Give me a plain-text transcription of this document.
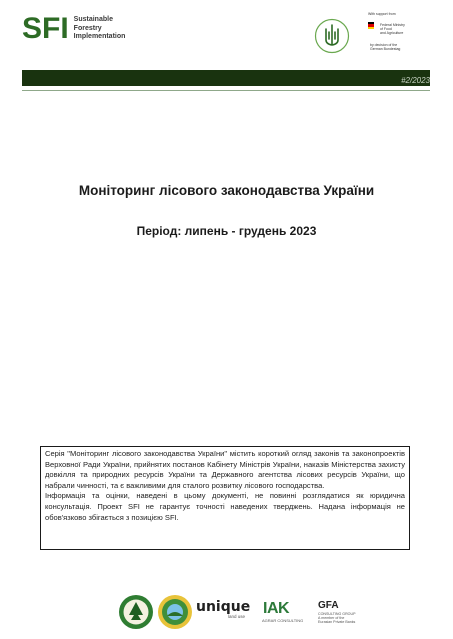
SFI Sustainable
Forestry
Implementation
With support from
Federal Ministry
of Food
and Agriculture
by decision of the
German Bundestag
#2/2023
Моніторинг лісового законодавства України
Період: липень - грудень 2023

Серія "Моніторинг лісового законодавства України" містить короткий огляд законів та законопроектів Верховної Ради України, прийнятих постанов Кабінету Міністрів України, наказів Міністерства захисту довкілля та природних ресурсів України та Державного агентства лісових ресурсів України, що набрали чинності, та є важливими для сталого розвитку лісового господарства.

Інформація та оцінки, наведені в цьому документі, не повинні розглядатися як юридична консультація. Проект SFI не гарантує точності наведених тверджень. Надана інформація не обов'язково збігається з позицією SFI.

unique
land use IAK
AGRAR CONSULTING
GFA
CONSULTING GROUP
A member of the Eurasian Private Banks
